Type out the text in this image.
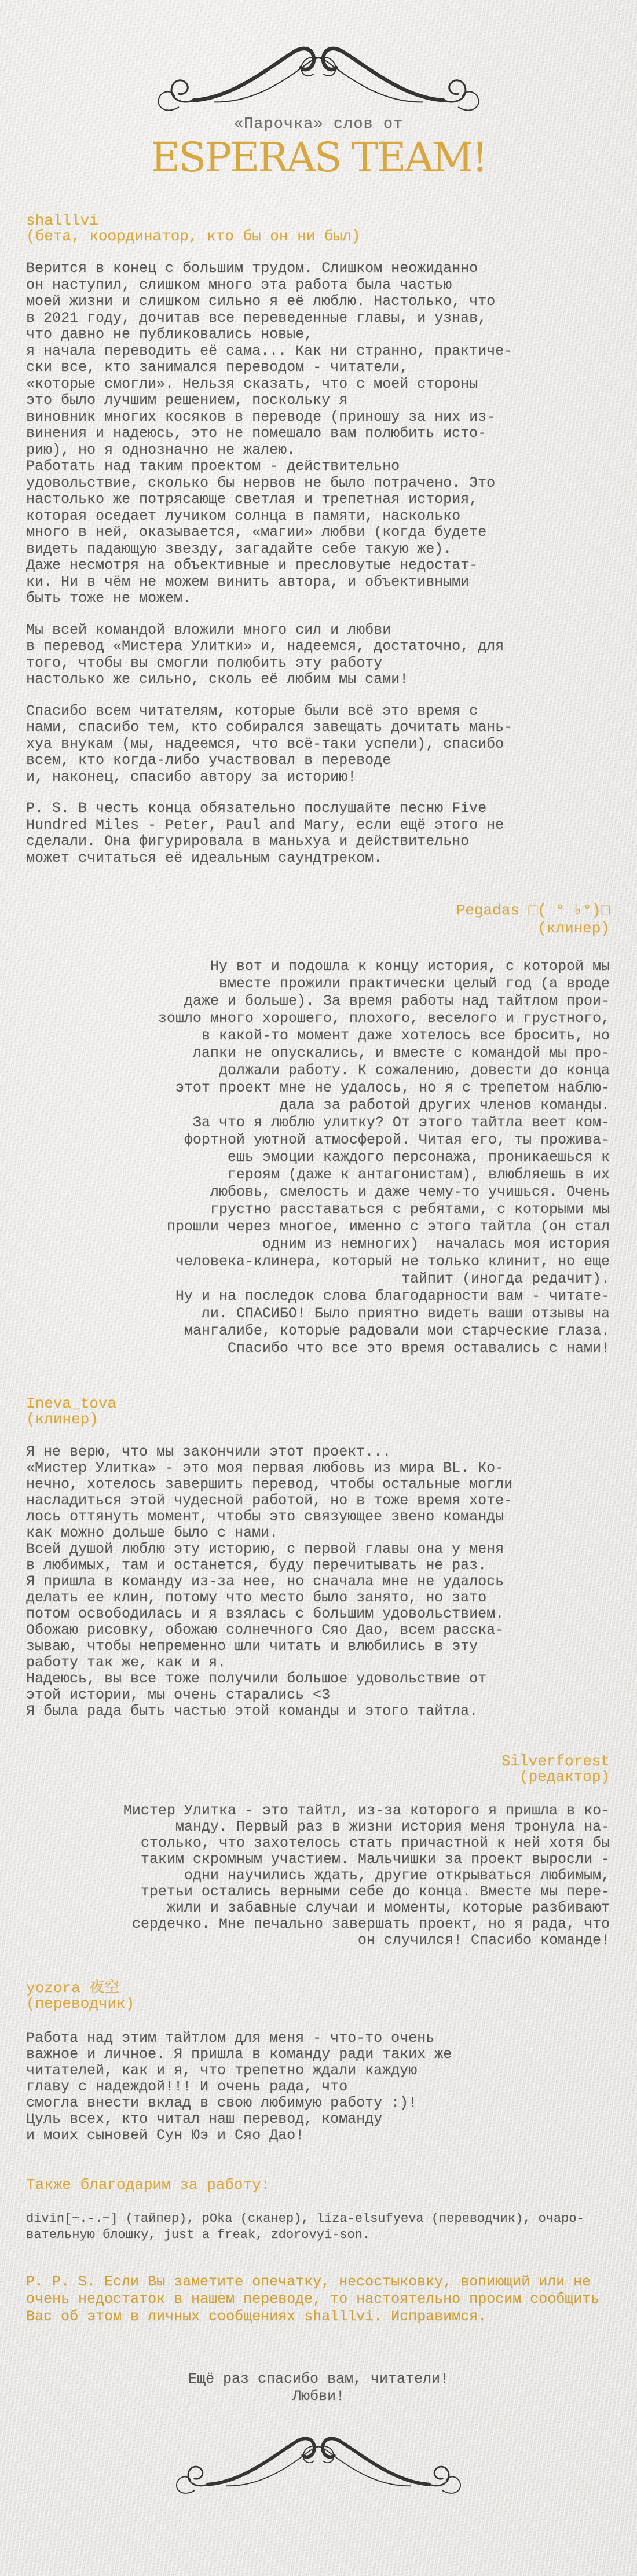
«Парочка» слов от
ESPERAS TEAM!
shalllvi
(бета, координатор, кто бы он ни был)
Верится в конец с большим трудом. Слишком неожиданно
он наступил, слишком много эта работа была частью
моей жизни и слишком сильно я её люблю. Настолько, что
в 2021 году, дочитав все переведенные главы, и узнав,
что давно не публиковались новые,
я начала переводить её сама... Как ни странно, практиче-
ски все, кто занимался переводом - читатели,
«которые смогли». Нельзя сказать, что с моей стороны
это было лучшим решением, поскольку я
виновник многих косяков в переводе (приношу за них из-
винения и надеюсь, это не помешало вам полюбить исто-
рию), но я однозначно не жалею.
Работать над таким проектом - действительно
удовольствие, сколько бы нервов не было потрачено. Это
настолько же потрясающе светлая и трепетная история,
которая оседает лучиком солнца в памяти, насколько
много в ней, оказывается, «магии» любви (когда будете
видеть падающую звезду, загадайте себе такую же).
Даже несмотря на объективные и пресловутые недостат-
ки. Ни в чём не можем винить автора, и объективными
быть тоже не можем.
Мы всей командой вложили много сил и любви
в перевод «Мистера Улитки» и, надеемся, достаточно, для
того, чтобы вы смогли полюбить эту работу
настолько же сильно, сколь её любим мы сами!
Спасибо всем читателям, которые были всё это время с
нами, спасибо тем, кто собирался завещать дочитать мань-
хуа внукам (мы, надеемся, что всё-таки успели), спасибо
всем, кто когда-либо участвовал в переводе
и, наконец, спасибо автору за историю!
P. S. В честь конца обязательно послушайте песню Five
Hundred Miles - Peter, Paul and Mary, если ещё этого не
сделали. Она фигурировала в маньхуа и действительно
может считаться её идеальным саундтреком.
Pegadas □( ° ♭°)□
(клинер)
Ну вот и подошла к концу история, с которой мы
вместе прожили практически целый год (а вроде
даже и больше). За время работы над тайтлом прои-
зошло много хорошего, плохого, веселого и грустного,
в какой-то момент даже хотелось все бросить, но
лапки не опускались, и вместе с командой мы про-
должали работу. К сожалению, довести до конца
этот проект мне не удалось, но я с трепетом наблю-
дала за работой других членов команды.
За что я люблю улитку? От этого тайтла веет ком-
фортной уютной атмосферой. Читая его, ты прожива-
ешь эмоции каждого персонажа, проникаешься к
героям (даже к антагонистам), влюбляешь в их
любовь, смелость и даже чему-то учишься. Очень
грустно расставаться с ребятами, с которыми мы
прошли через многое, именно с этого тайтла (он стал
одним из немногих)  началась моя история
человека-клинера, который не только клинит, но еще
тайпит (иногда редачит).
Ну и на последок слова благодарности вам - читате-
ли. СПАСИБО! Было приятно видеть ваши отзывы на
мангалибе, которые радовали мои старческие глаза.
Спасибо что все это время оставались с нами!
Ineva_tova
(клинер)
Я не верю, что мы закончили этот проект...
«Мистер Улитка» - это моя первая любовь из мира BL. Ко-
нечно, хотелось завершить перевод, чтобы остальные могли
насладиться этой чудесной работой, но в тоже время хоте-
лось оттянуть момент, чтобы это связующее звено команды
как можно дольше было с нами.
Всей душой люблю эту историю, с первой главы она у меня
в любимых, там и останется, буду перечитывать не раз.
Я пришла в команду из-за нее, но сначала мне не удалось
делать ее клин, потому что место было занято, но зато
потом освободилась и я взялась с большим удовольствием.
Обожаю рисовку, обожаю солнечного Сяо Дао, всем расска-
зываю, чтобы непременно шли читать и влюбились в эту
работу так же, как и я.
Надеюсь, вы все тоже получили большое удовольствие от
этой истории, мы очень старались <3
Я была рада быть частью этой команды и этого тайтла.
Silverforest
(редактор)
Мистер Улитка - это тайтл, из-за которого я пришла в ко-
манду. Первый раз в жизни история меня тронула на-
столько, что захотелось стать причастной к ней хотя бы
таким скромным участием. Мальчишки за проект выросли -
одни научились ждать, другие открываться любимым,
третьи остались верными себе до конца. Вместе мы пере-
жили и забавные случаи и моменты, которые разбивают
сердечко. Мне печально завершать проект, но я рада, что
он случился! Спасибо команде!
yozora 夜空
(переводчик)
Работа над этим тайтлом для меня - что-то очень
важное и личное. Я пришла в команду ради таких же
читателей, как и я, что трепетно ждали каждую
главу с надеждой!!! И очень рада, что
смогла внести вклад в свою любимую работу :)!
Цуль всех, кто читал наш перевод, команду
и моих сыновей Сун Юэ и Сяо Дао!
Также благодарим за работу:
divin[~.-.~] (тайпер), pOka (сканер), liza-elsufyeva (переводчик), очаро-
вательную блошку, just a freak, zdorovyi-son.
P. P. S. Если Вы заметите опечатку, несостыковку, вопиющий или не
очень недостаток в нашем переводе, то настоятельно просим сообщить
Вас об этом в личных сообщениях shalllvi. Исправимся.
Ещё раз спасибо вам, читатели!
Любви!
